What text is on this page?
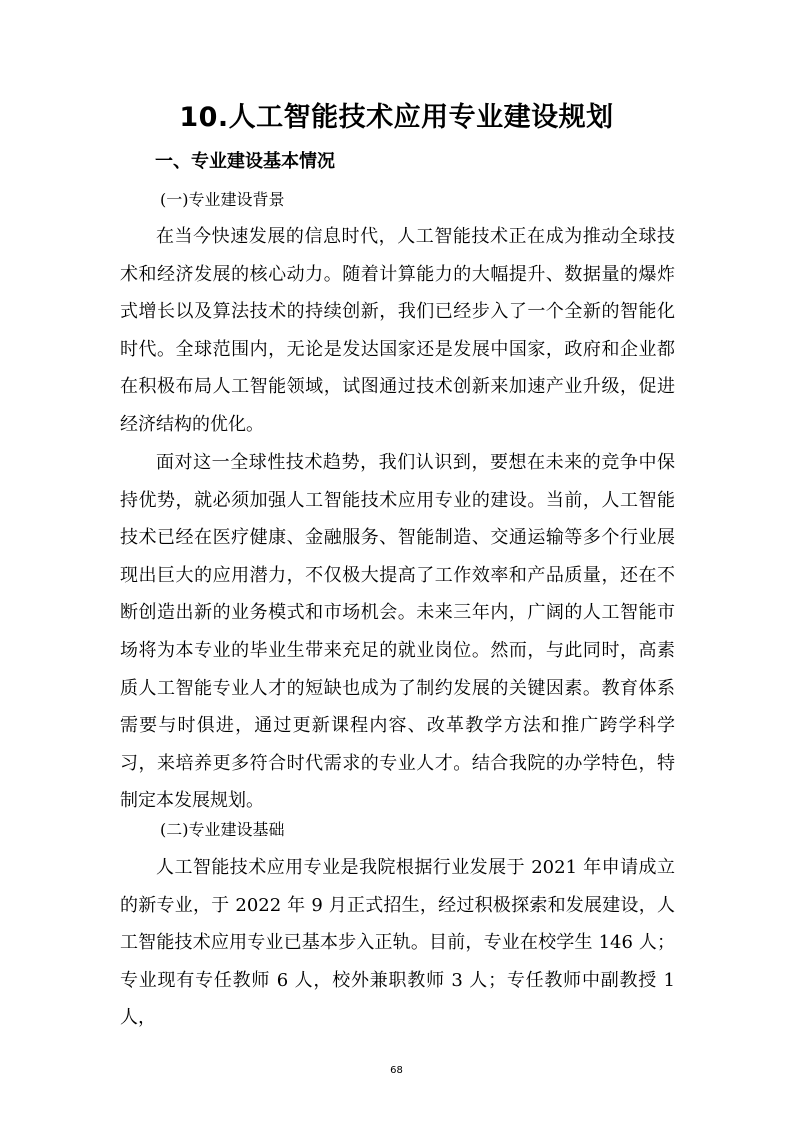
10.人工智能技术应用专业建设规划
一、专业建设基本情况
(一)专业建设背景

在当今快速发展的信息时代，人工智能技术正在成为推动全球技术和经济发展的核心动力。随着计算能力的大幅提升、数据量的爆炸式增长以及算法技术的持续创新，我们已经步入了一个全新的智能化时代。全球范围内，无论是发达国家还是发展中国家，政府和企业都在积极布局人工智能领域，试图通过技术创新来加速产业升级，促进经济结构的优化。

面对这一全球性技术趋势，我们认识到，要想在未来的竞争中保持优势，就必须加强人工智能技术应用专业的建设。当前，人工智能技术已经在医疗健康、金融服务、智能制造、交通运输等多个行业展现出巨大的应用潜力，不仅极大提高了工作效率和产品质量，还在不断创造出新的业务模式和市场机会。未来三年内，广阔的人工智能市场将为本专业的毕业生带来充足的就业岗位。然而，与此同时，高素质人工智能专业人才的短缺也成为了制约发展的关键因素。教育体系需要与时俱进，通过更新课程内容、改革教学方法和推广跨学科学习，来培养更多符合时代需求的专业人才。结合我院的办学特色，特制定本发展规划。

(二)专业建设基础

人工智能技术应用专业是我院根据行业发展于 2021 年申请成立的新专业，于 2022 年 9 月正式招生，经过积极探索和发展建设，人工智能技术应用专业已基本步入正轨。目前，专业在校学生 146 人；专业现有专任教师 6 人，校外兼职教师 3 人；专任教师中副教授 1 人，

68
